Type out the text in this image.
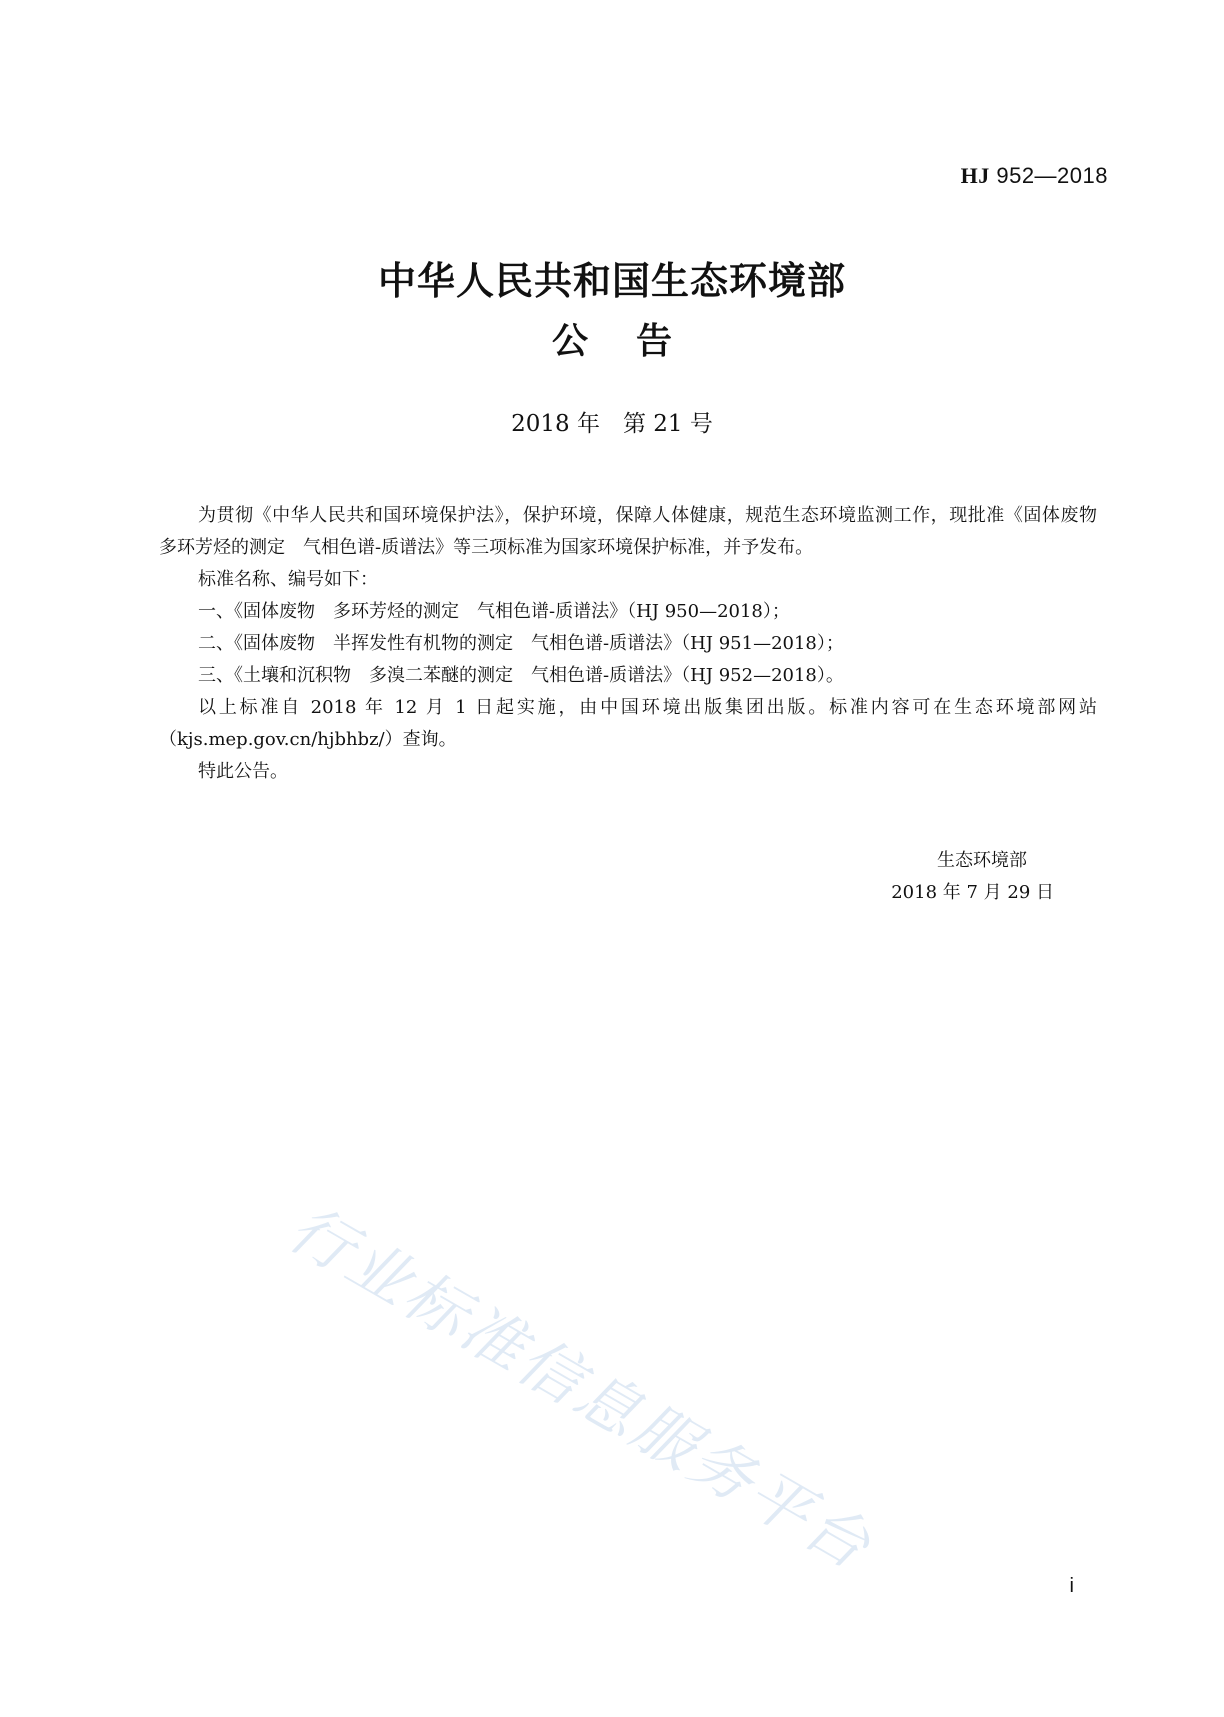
HJ 952—2018
中华人民共和国生态环境部
公告
2018 年　第 21 号

为贯彻《中华人民共和国环境保护法》，保护环境，保障人体健康，规范生态环境监测工作，现批准《固体废物　多环芳烃的测定　气相色谱-质谱法》等三项标准为国家环境保护标准，并予发布。

标准名称、编号如下：

一、《固体废物　多环芳烃的测定　气相色谱-质谱法》（HJ 950—2018）；

二、《固体废物　半挥发性有机物的测定　气相色谱-质谱法》（HJ 951—2018）；

三、《土壤和沉积物　多溴二苯醚的测定　气相色谱-质谱法》（HJ 952—2018）。

以上标准自 2018 年 12 月 1 日起实施，由中国环境出版集团出版。标准内容可在生态环境部网站（kjs.mep.gov.cn/hjbhbz/）查询。

特此公告。

生态环境部
2018 年 7 月 29 日
行业标准信息服务平台
i
